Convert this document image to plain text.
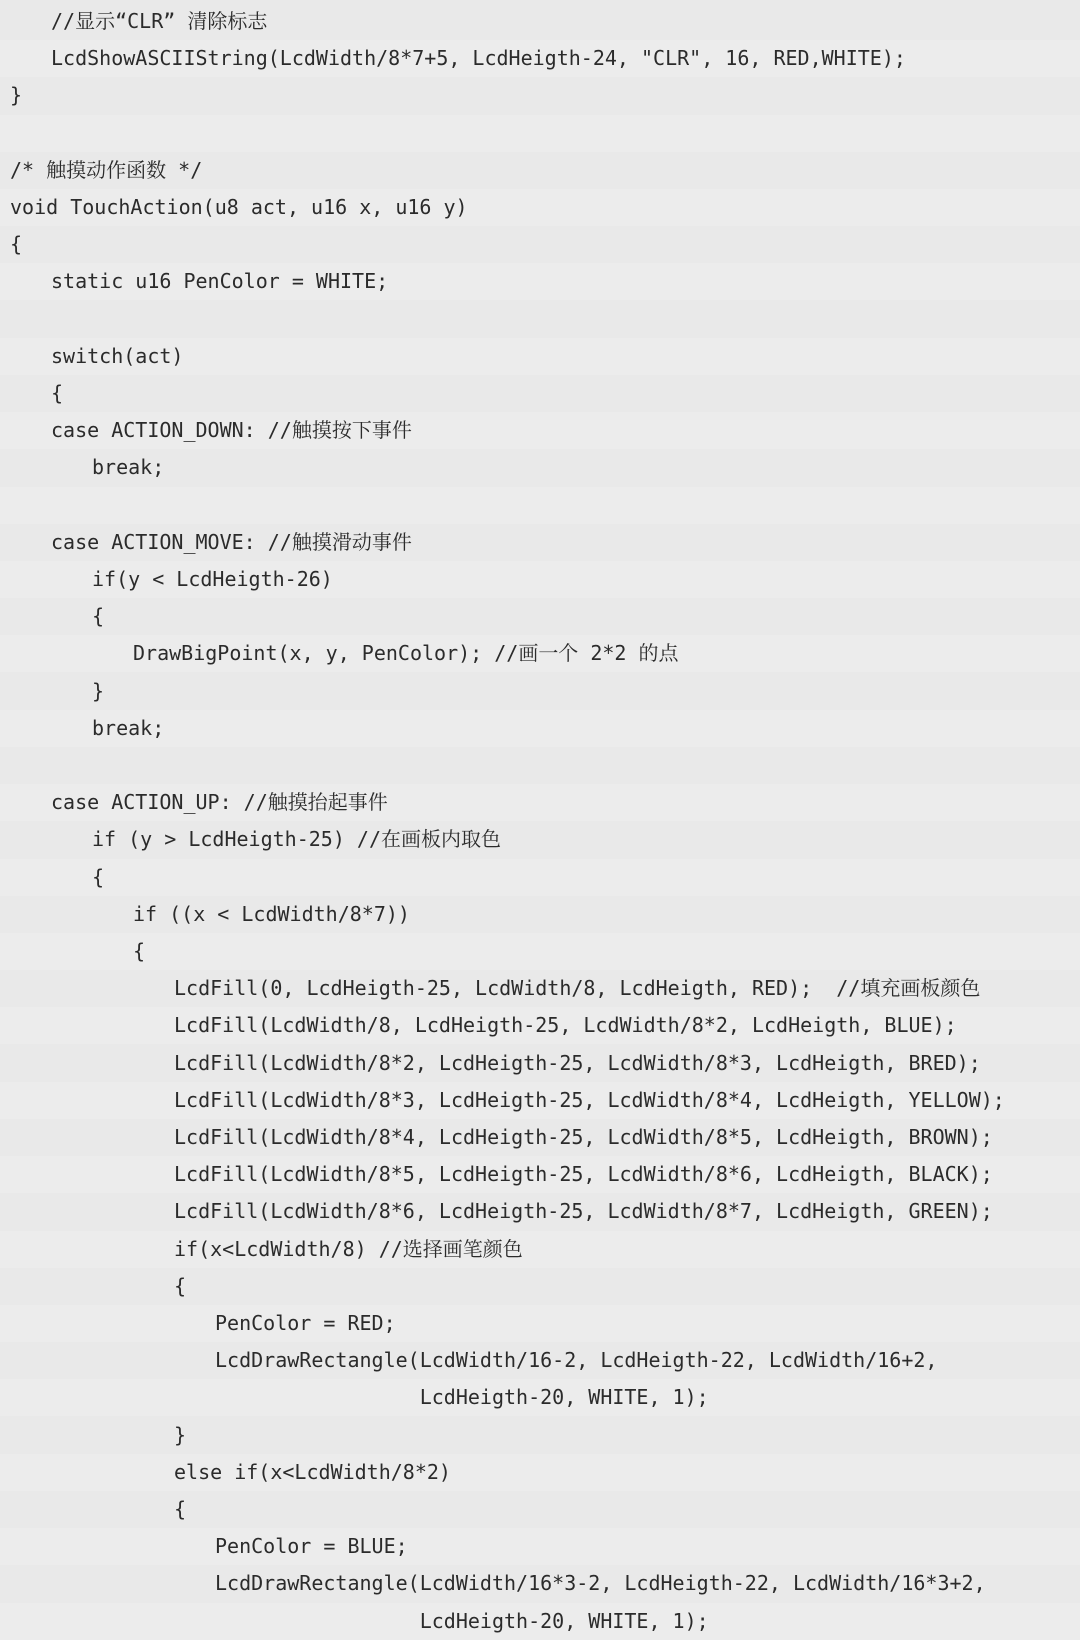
//显示“CLR” 清除标志
LcdShowASCIIString(LcdWidth/8*7+5, LcdHeigth-24, "CLR", 16, RED,WHITE);
}
/* 触摸动作函数 */
void TouchAction(u8 act, u16 x, u16 y)
{
static u16 PenColor = WHITE;
switch(act)
{
case ACTION_DOWN: //触摸按下事件
break;
case ACTION_MOVE: //触摸滑动事件
if(y < LcdHeigth-26)
{
DrawBigPoint(x, y, PenColor); //画一个 2*2 的点
}
break;
case ACTION_UP: //触摸抬起事件
if (y > LcdHeigth-25) //在画板内取色
{
if ((x < LcdWidth/8*7))
{
LcdFill(0, LcdHeigth-25, LcdWidth/8, LcdHeigth, RED);  //填充画板颜色
LcdFill(LcdWidth/8, LcdHeigth-25, LcdWidth/8*2, LcdHeigth, BLUE);
LcdFill(LcdWidth/8*2, LcdHeigth-25, LcdWidth/8*3, LcdHeigth, BRED);
LcdFill(LcdWidth/8*3, LcdHeigth-25, LcdWidth/8*4, LcdHeigth, YELLOW);
LcdFill(LcdWidth/8*4, LcdHeigth-25, LcdWidth/8*5, LcdHeigth, BROWN);
LcdFill(LcdWidth/8*5, LcdHeigth-25, LcdWidth/8*6, LcdHeigth, BLACK);
LcdFill(LcdWidth/8*6, LcdHeigth-25, LcdWidth/8*7, LcdHeigth, GREEN);
if(x<LcdWidth/8) //选择画笔颜色
{
PenColor = RED;
LcdDrawRectangle(LcdWidth/16-2, LcdHeigth-22, LcdWidth/16+2,
LcdHeigth-20, WHITE, 1);
}
else if(x<LcdWidth/8*2)
{
PenColor = BLUE;
LcdDrawRectangle(LcdWidth/16*3-2, LcdHeigth-22, LcdWidth/16*3+2,
LcdHeigth-20, WHITE, 1);
